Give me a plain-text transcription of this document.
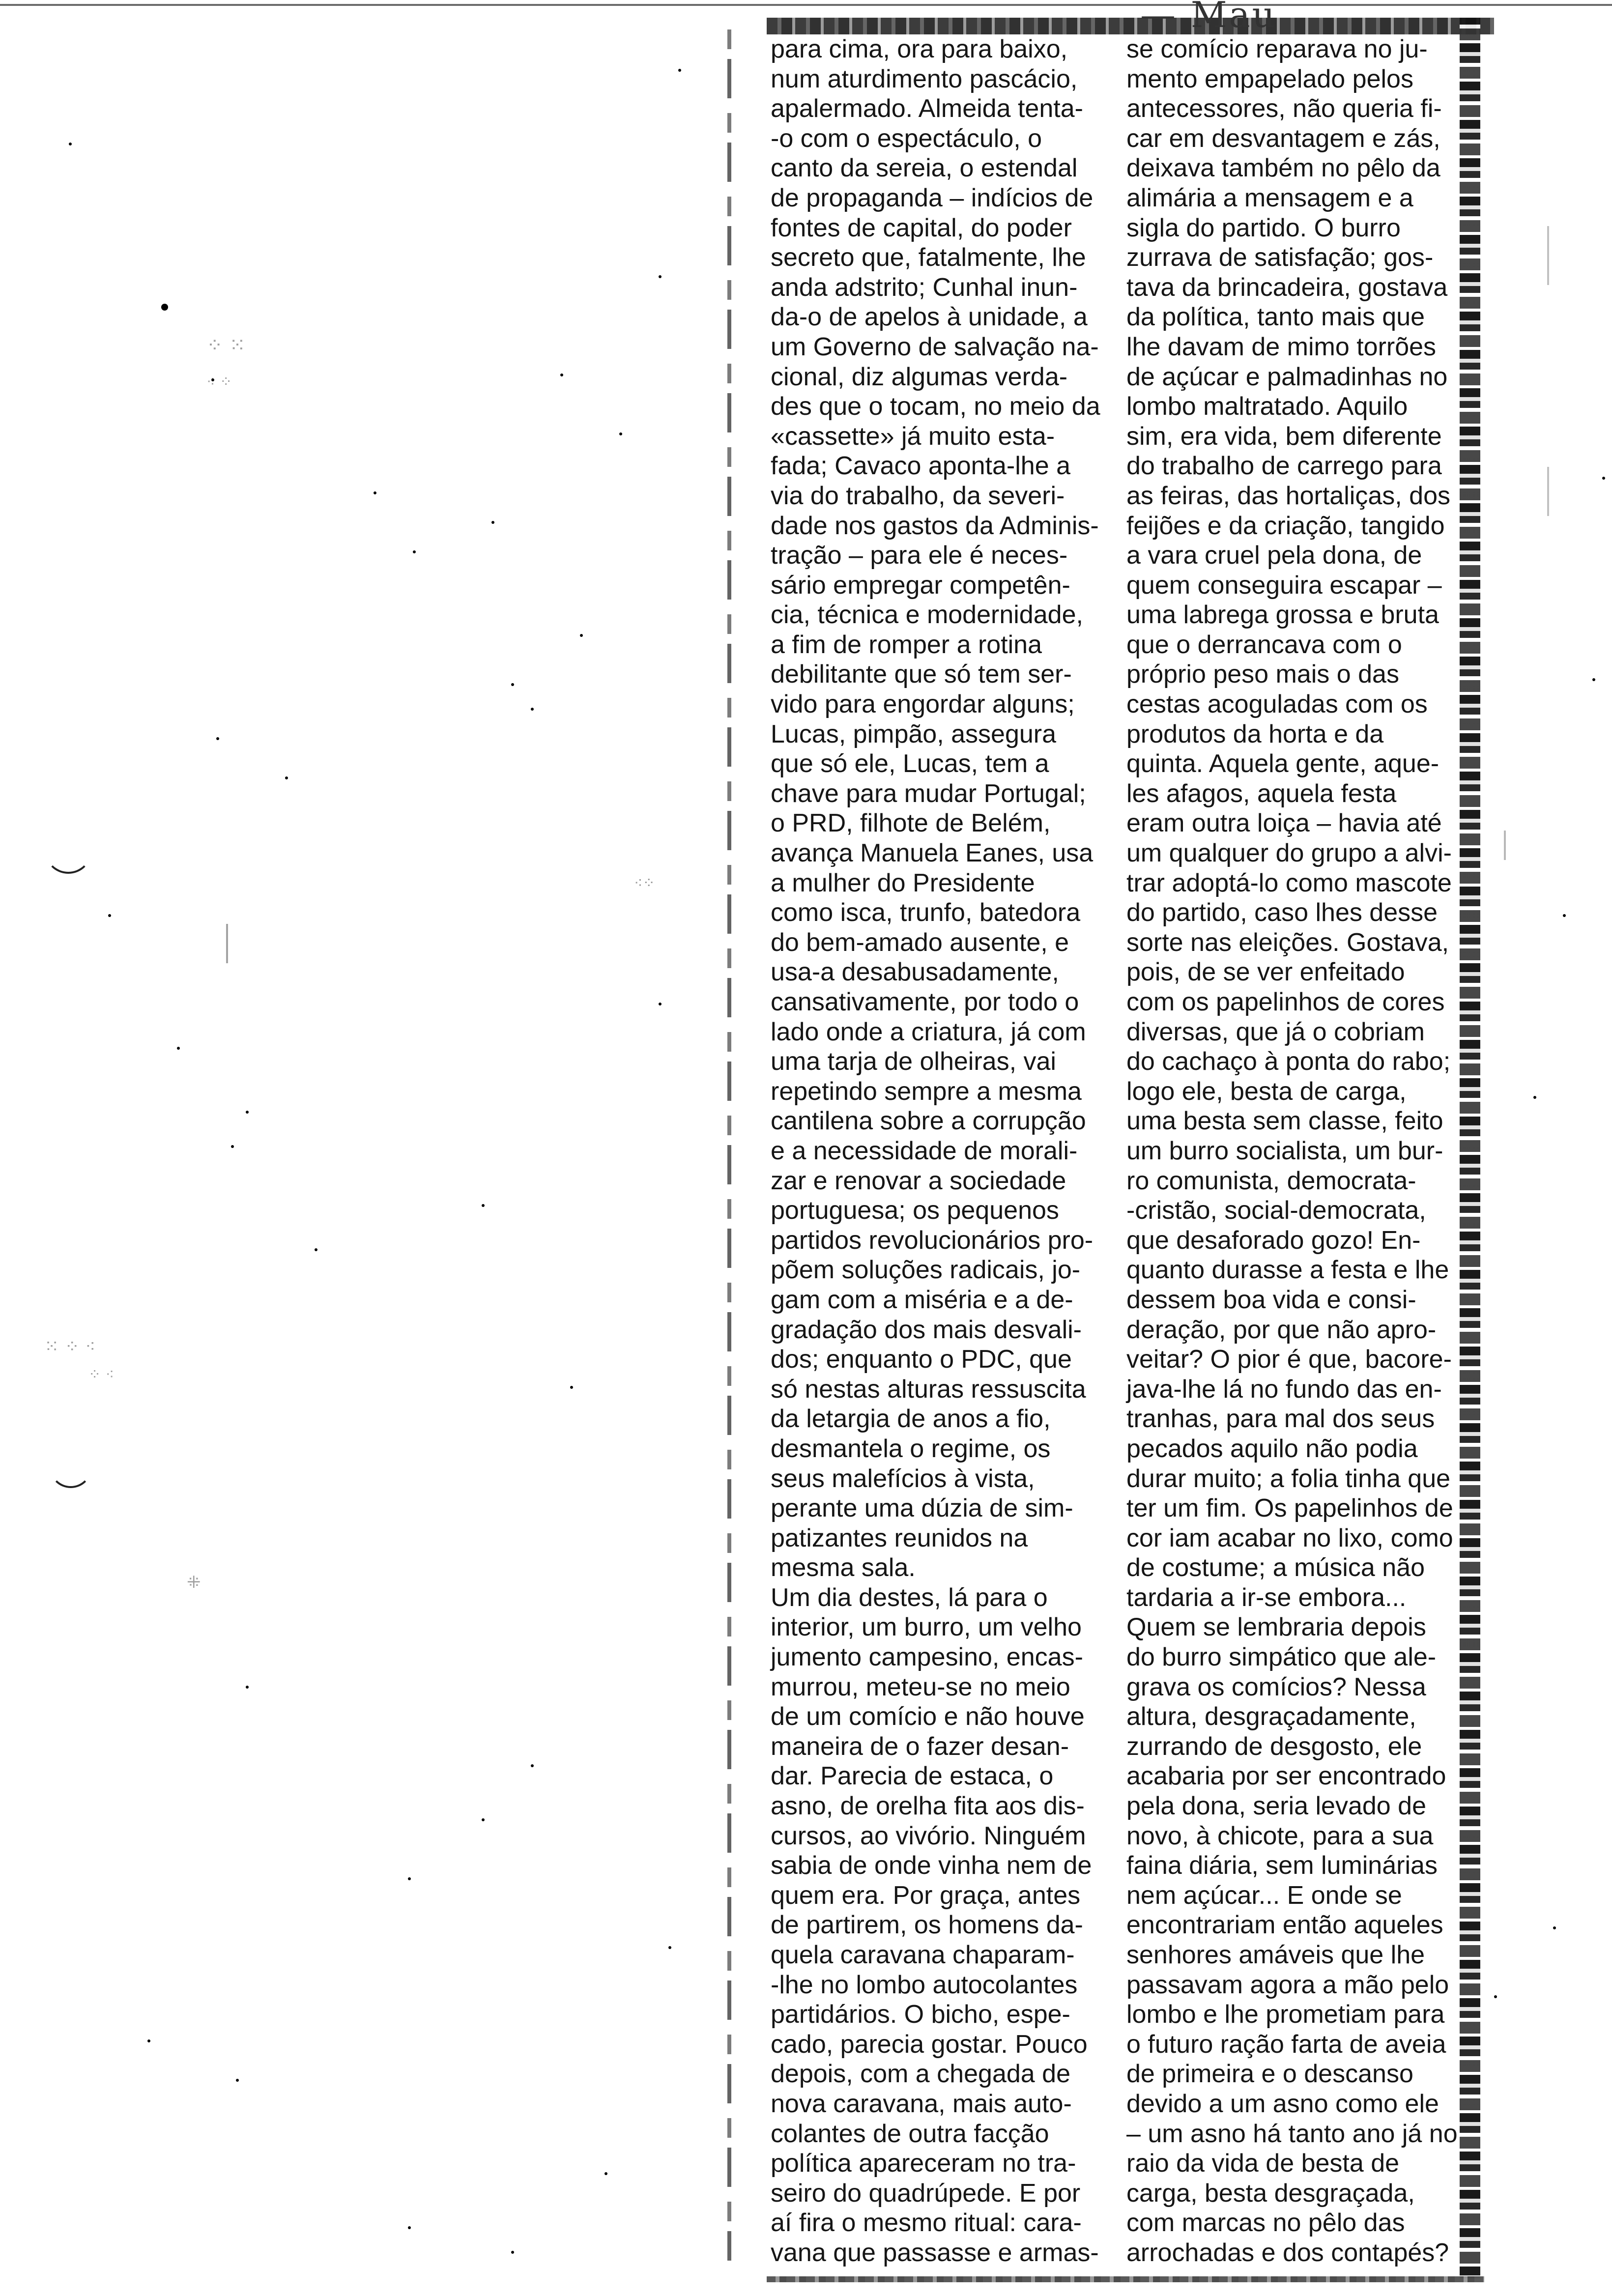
— Mau

para cima, ora para baixo,
num aturdimento pascácio,
apalermado. Almeida tenta-
-o com o espectáculo, o
canto da sereia, o estendal
de propaganda – indícios de
fontes de capital, do poder
secreto que, fatalmente, lhe
anda adstrito; Cunhal inun-
da-o de apelos à unidade, a
um Governo de salvação na-
cional, diz algumas verda-
des que o tocam, no meio da
«cassette» já muito esta-
fada; Cavaco aponta-lhe a
via do trabalho, da severi-
dade nos gastos da Adminis-
tração – para ele é neces-
sário empregar competên-
cia, técnica e modernidade,
a fim de romper a rotina
debilitante que só tem ser-
vido para engordar alguns;
Lucas, pimpão, assegura
que só ele, Lucas, tem a
chave para mudar Portugal;
o PRD, filhote de Belém,
avança Manuela Eanes, usa
a mulher do Presidente
como isca, trunfo, batedora
do bem-amado ausente, e
usa-a desabusadamente,
cansativamente, por todo o
lado onde a criatura, já com
uma tarja de olheiras, vai
repetindo sempre a mesma
cantilena sobre a corrupção
e a necessidade de morali-
zar e renovar a sociedade
portuguesa; os pequenos
partidos revolucionários pro-
põem soluções radicais, jo-
gam com a miséria e a de-
gradação dos mais desvali-
dos; enquanto o PDC, que
só nestas alturas ressuscita
da letargia de anos a fio,
desmantela o regime, os
seus malefícios à vista,
perante uma dúzia de sim-
patizantes reunidos na
mesma sala.

Um dia destes, lá para o
interior, um burro, um velho
jumento campesino, encas-
murrou, meteu-se no meio
de um comício e não houve
maneira de o fazer desan-
dar. Parecia de estaca, o
asno, de orelha fita aos dis-
cursos, ao vivório. Ninguém
sabia de onde vinha nem de
quem era. Por graça, antes
de partirem, os homens da-
quela caravana chaparam-
-lhe no lombo autocolantes
partidários. O bicho, espe-
cado, parecia gostar. Pouco
depois, com a chegada de
nova caravana, mais auto-
colantes de outra facção
política apareceram no tra-
seiro do quadrúpede. E por
aí fira o mesmo ritual: cara-
vana que passasse e armas-

se comício reparava no ju-
mento empapelado pelos
antecessores, não queria fi-
car em desvantagem e zás,
deixava também no pêlo da
alimária a mensagem e a
sigla do partido. O burro
zurrava de satisfação; gos-
tava da brincadeira, gostava
da política, tanto mais que
lhe davam de mimo torrões
de açúcar e palmadinhas no
lombo maltratado. Aquilo
sim, era vida, bem diferente
do trabalho de carrego para
as feiras, das hortaliças, dos
feijões e da criação, tangido
a vara cruel pela dona, de
quem conseguira escapar –
uma labrega grossa e bruta
que o derrancava com o
próprio peso mais o das
cestas acoguladas com os
produtos da horta e da
quinta. Aquela gente, aque-
les afagos, aquela festa
eram outra loiça – havia até
um qualquer do grupo a alvi-
trar adoptá-lo como mascote
do partido, caso lhes desse
sorte nas eleições. Gostava,
pois, de se ver enfeitado
com os papelinhos de cores
diversas, que já o cobriam
do cachaço à ponta do rabo;
logo ele, besta de carga,
uma besta sem classe, feito
um burro socialista, um bur-
ro comunista, democrata-
-cristão, social-democrata,
que desaforado gozo! En-
quanto durasse a festa e lhe
dessem boa vida e consi-
deração, por que não apro-
veitar? O pior é que, bacore-
java-lhe lá no fundo das en-
tranhas, para mal dos seus
pecados aquilo não podia
durar muito; a folia tinha que
ter um fim. Os papelinhos de
cor iam acabar no lixo, como
de costume; a música não
tardaria a ir-se embora...
Quem se lembraria depois
do burro simpático que ale-
grava os comícios? Nessa
altura, desgraçadamente,
zurrando de desgosto, ele
acabaria por ser encontrado
pela dona, seria levado de
novo, à chicote, para a sua
faina diária, sem luminárias
nem açúcar... E onde se
encontrariam então aqueles
senhores amáveis que lhe
passavam agora a mão pelo
lombo e lhe prometiam para
o futuro ração farta de aveia
de primeira e o descanso
devido a um asno como ele
– um asno há tanto ano já no
raio da vida de besta de
carga, besta desgraçada,
com marcas no pêlo das
arrochadas e dos contapés?

⁘ ⁙
⁖ ⁘
⁙ ⁘ ⁖
⁘ ⁖
⁜
⁖⁘
